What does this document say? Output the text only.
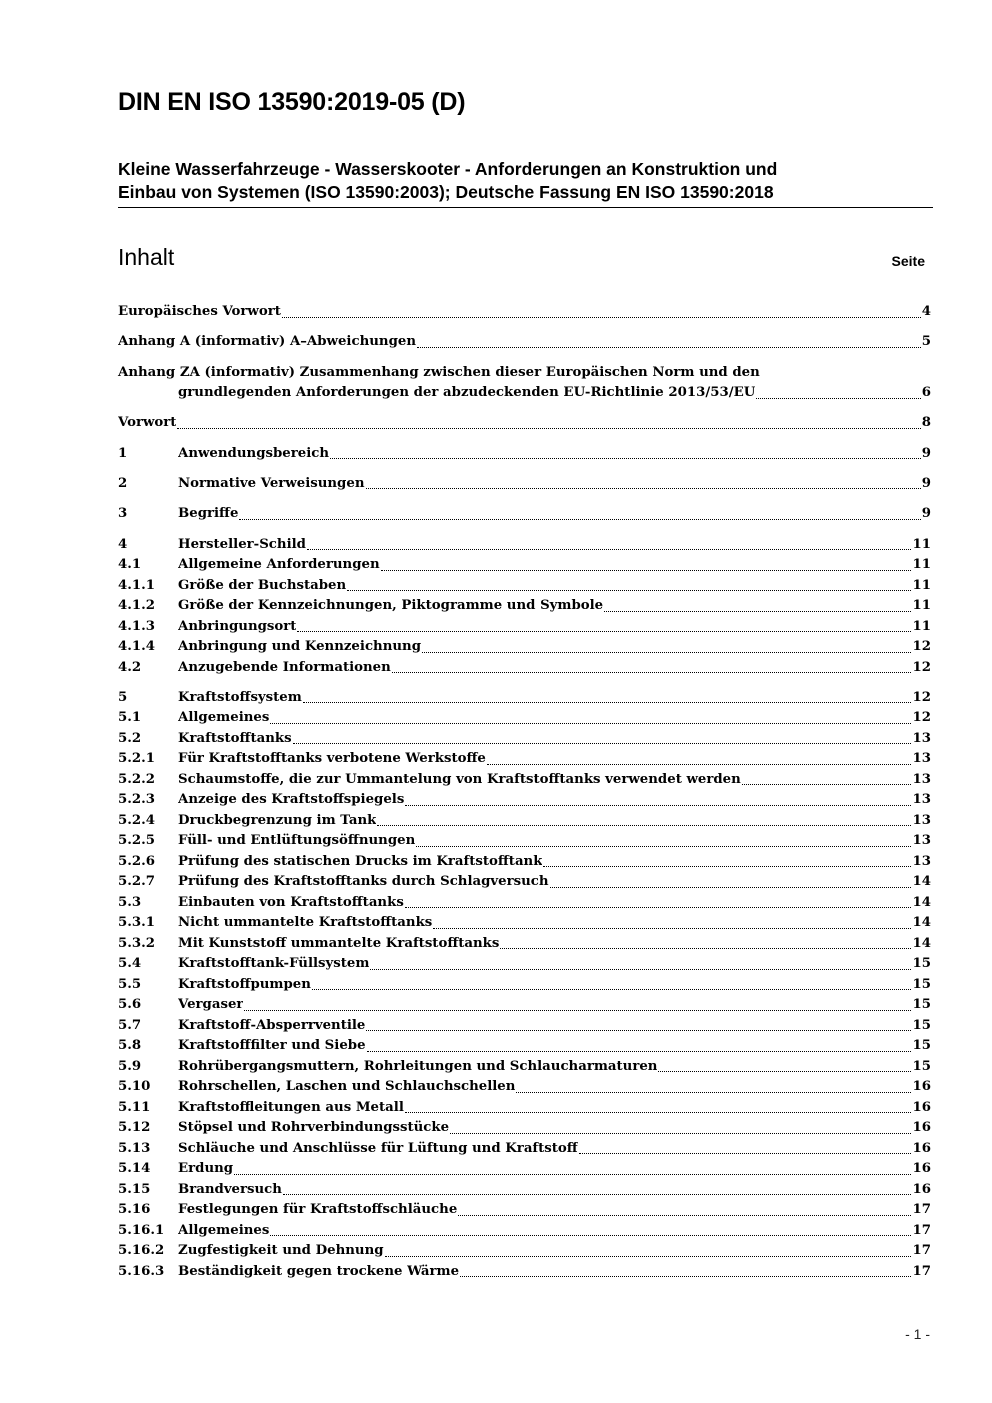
DIN EN ISO 13590:2019-05 (D)
Kleine Wasserfahrzeuge - Wasserskooter - Anforderungen an Konstruktion und
Einbau von Systemen (ISO 13590:2003); Deutsche Fassung EN ISO 13590:2018
Inhalt	Seite
Europäisches Vorwort	4
Anhang A (informativ) A–Abweichungen	5
Anhang ZA (informativ) Zusammenhang zwischen dieser Europäischen Norm und den
grundlegenden Anforderungen der abzudeckenden EU-Richtlinie 2013/53/EU	6
Vorwort	8
1	Anwendungsbereich	9
2	Normative Verweisungen	9
3	Begriffe	9
4	Hersteller-Schild	11
4.1	Allgemeine Anforderungen	11
4.1.1	Größe der Buchstaben	11
4.1.2	Größe der Kennzeichnungen, Piktogramme und Symbole	11
4.1.3	Anbringungsort	11
4.1.4	Anbringung und Kennzeichnung	12
4.2	Anzugebende Informationen	12
5	Kraftstoffsystem	12
5.1	Allgemeines	12
5.2	Kraftstofftanks	13
5.2.1	Für Kraftstofftanks verbotene Werkstoffe	13
5.2.2	Schaumstoffe, die zur Ummantelung von Kraftstofftanks verwendet werden	13
5.2.3	Anzeige des Kraftstoffspiegels	13
5.2.4	Druckbegrenzung im Tank	13
5.2.5	Füll- und Entlüftungsöffnungen	13
5.2.6	Prüfung des statischen Drucks im Kraftstofftank	13
5.2.7	Prüfung des Kraftstofftanks durch Schlagversuch	14
5.3	Einbauten von Kraftstofftanks	14
5.3.1	Nicht ummantelte Kraftstofftanks	14
5.3.2	Mit Kunststoff ummantelte Kraftstofftanks	14
5.4	Kraftstofftank-Füllsystem	15
5.5	Kraftstoffpumpen	15
5.6	Vergaser	15
5.7	Kraftstoff-Absperrventile	15
5.8	Kraftstofffilter und Siebe	15
5.9	Rohrübergangsmuttern, Rohrleitungen und Schlaucharmaturen	15
5.10	Rohrschellen, Laschen und Schlauchschellen	16
5.11	Kraftstoffleitungen aus Metall	16
5.12	Stöpsel und Rohrverbindungsstücke	16
5.13	Schläuche und Anschlüsse für Lüftung und Kraftstoff	16
5.14	Erdung	16
5.15	Brandversuch	16
5.16	Festlegungen für Kraftstoffschläuche	17
5.16.1	Allgemeines	17
5.16.2	Zugfestigkeit und Dehnung	17
5.16.3	Beständigkeit gegen trockene Wärme	17
- 1 -
